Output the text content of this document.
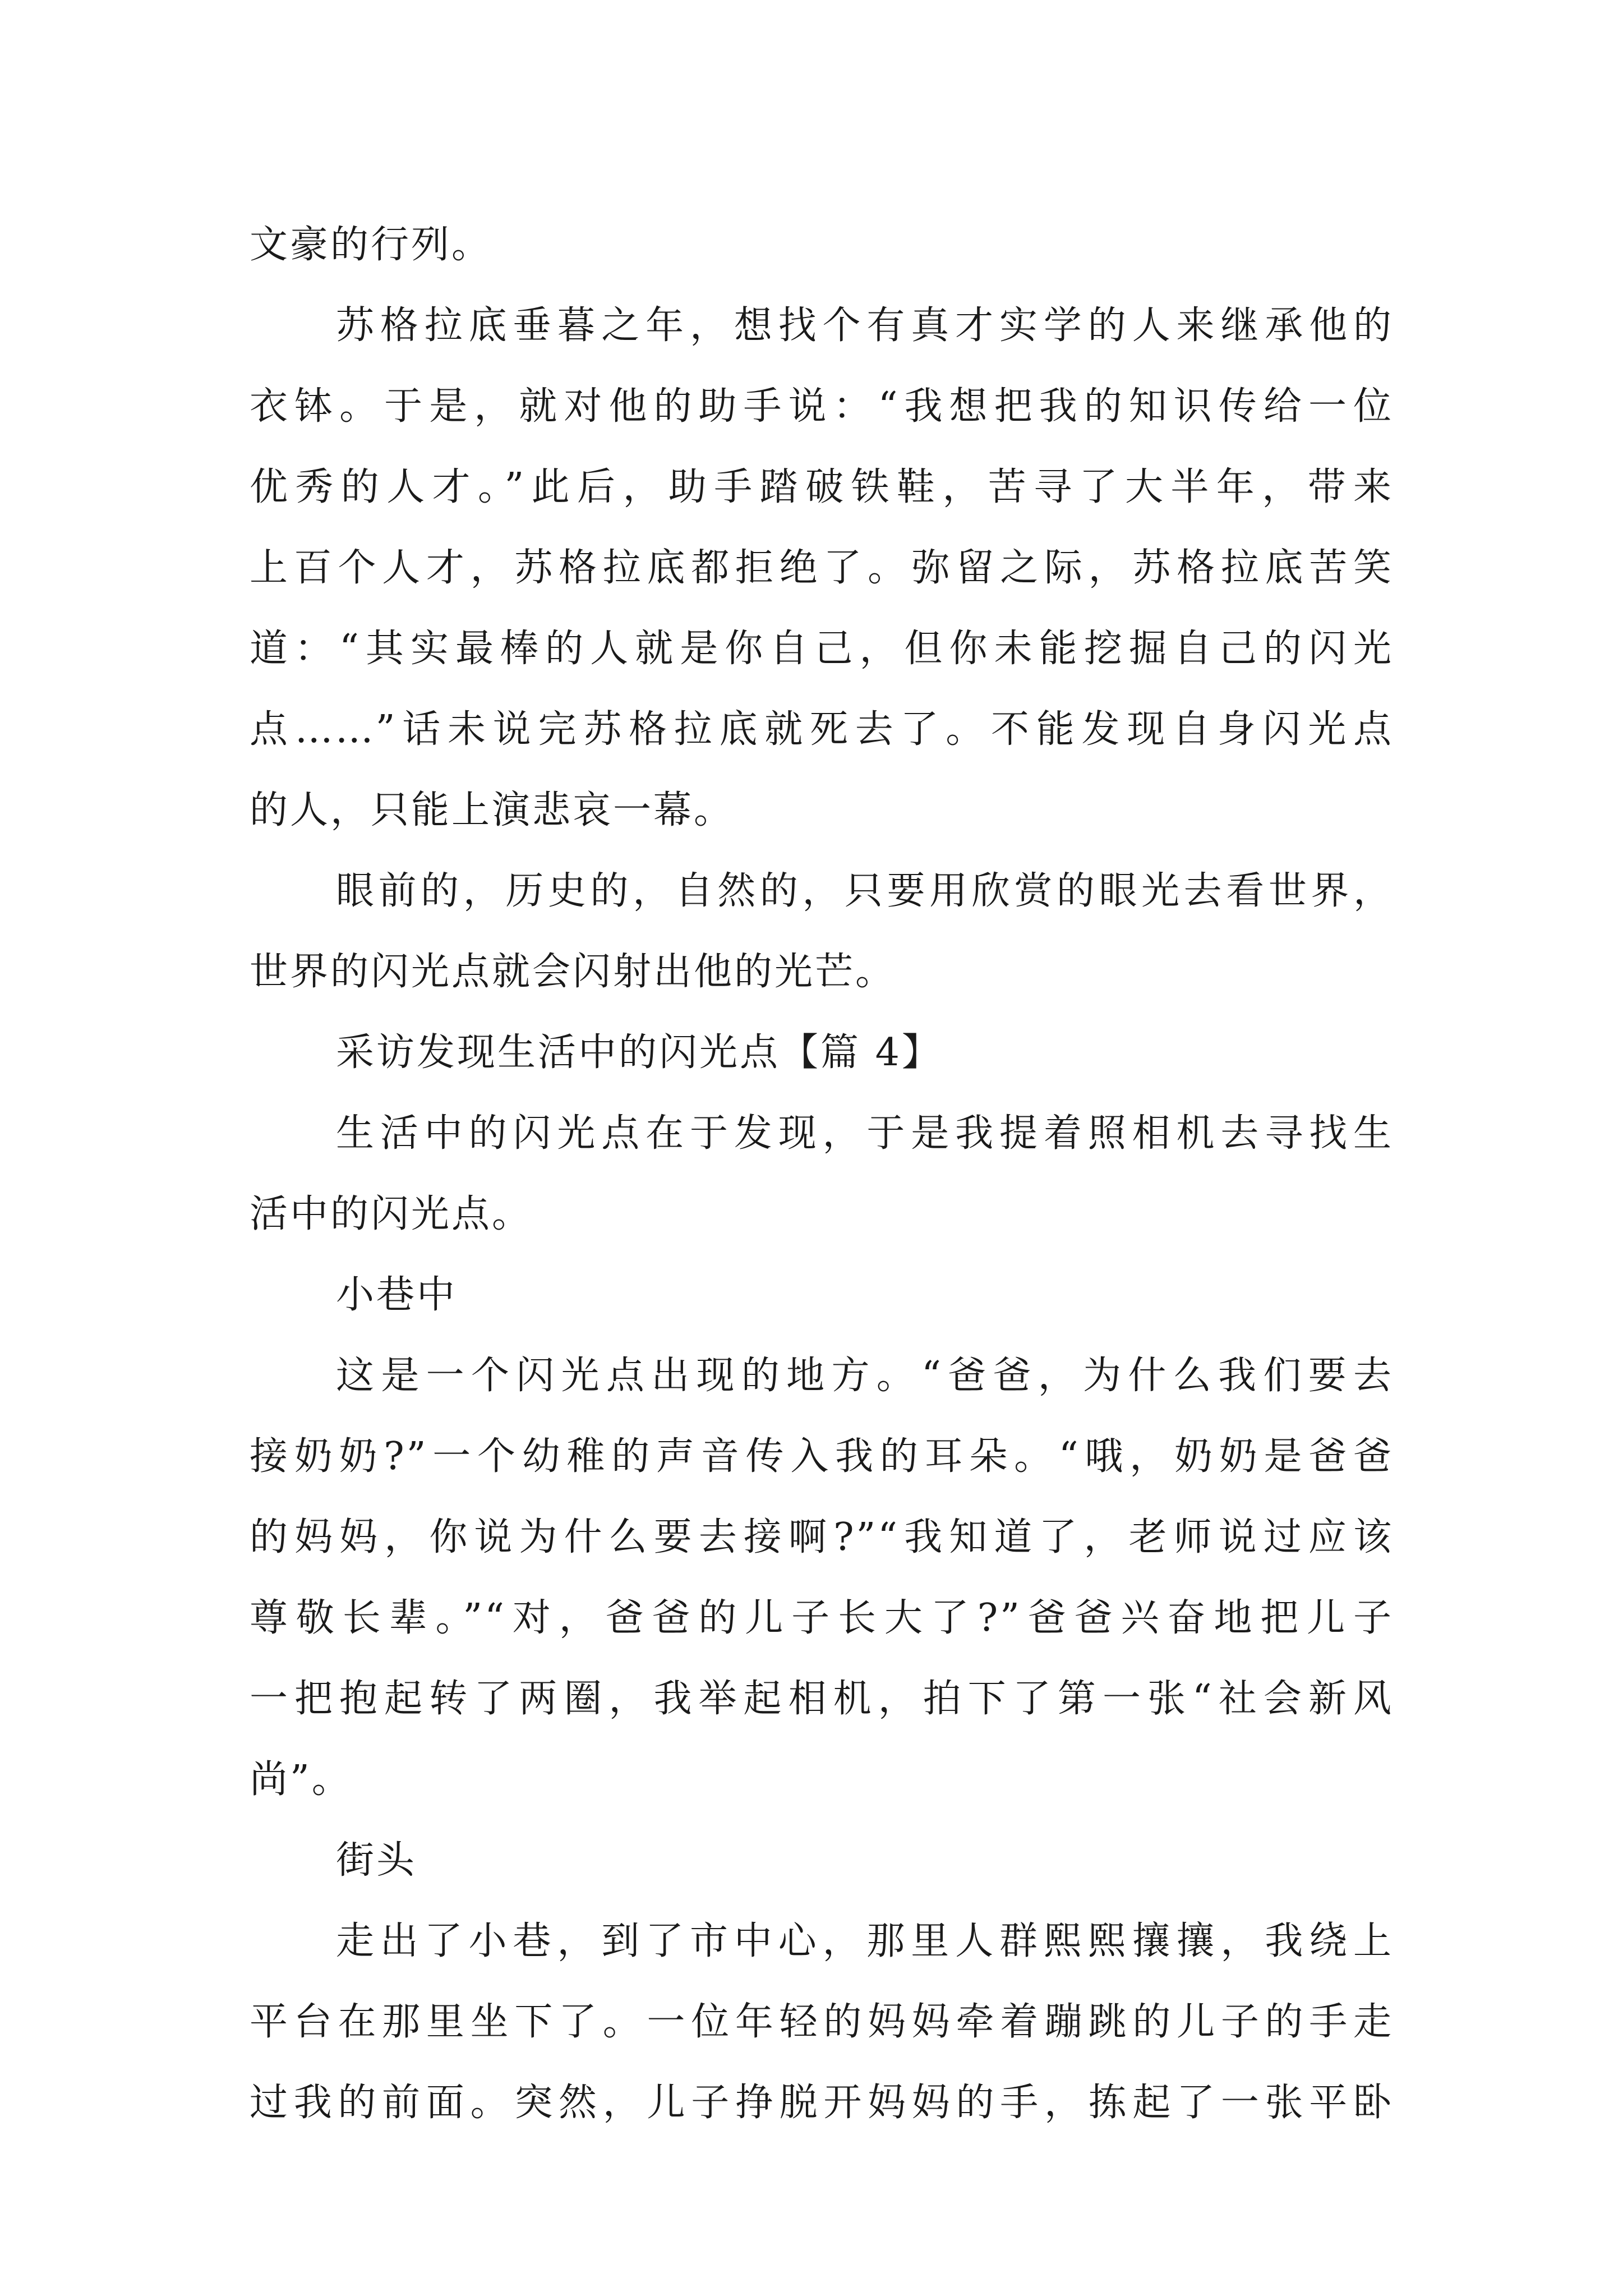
文豪的行列。
苏格拉底垂暮之年，想找个有真才实学的人来继承他的
衣钵。于是，就对他的助手说：“我想把我的知识传给一位
优秀的人才。”此后，助手踏破铁鞋，苦寻了大半年，带来
上百个人才，苏格拉底都拒绝了。弥留之际，苏格拉底苦笑
道：“其实最棒的人就是你自己，但你未能挖掘自己的闪光
点……”话未说完苏格拉底就死去了。不能发现自身闪光点
的人，只能上演悲哀一幕。
眼前的，历史的，自然的，只要用欣赏的眼光去看世界，
世界的闪光点就会闪射出他的光芒。
采访发现生活中的闪光点【篇 4】
生活中的闪光点在于发现，于是我提着照相机去寻找生
活中的闪光点。
小巷中
这是一个闪光点出现的地方。“爸爸，为什么我们要去
接奶奶?”一个幼稚的声音传入我的耳朵。“哦，奶奶是爸爸
的妈妈，你说为什么要去接啊?”“我知道了，老师说过应该
尊敬长辈。”“对，爸爸的儿子长大了?”爸爸兴奋地把儿子
一把抱起转了两圈，我举起相机，拍下了第一张“社会新风
尚”。
街头
走出了小巷，到了市中心，那里人群熙熙攘攘，我绕上
平台在那里坐下了。一位年轻的妈妈牵着蹦跳的儿子的手走
过我的前面。突然，儿子挣脱开妈妈的手，拣起了一张平卧
